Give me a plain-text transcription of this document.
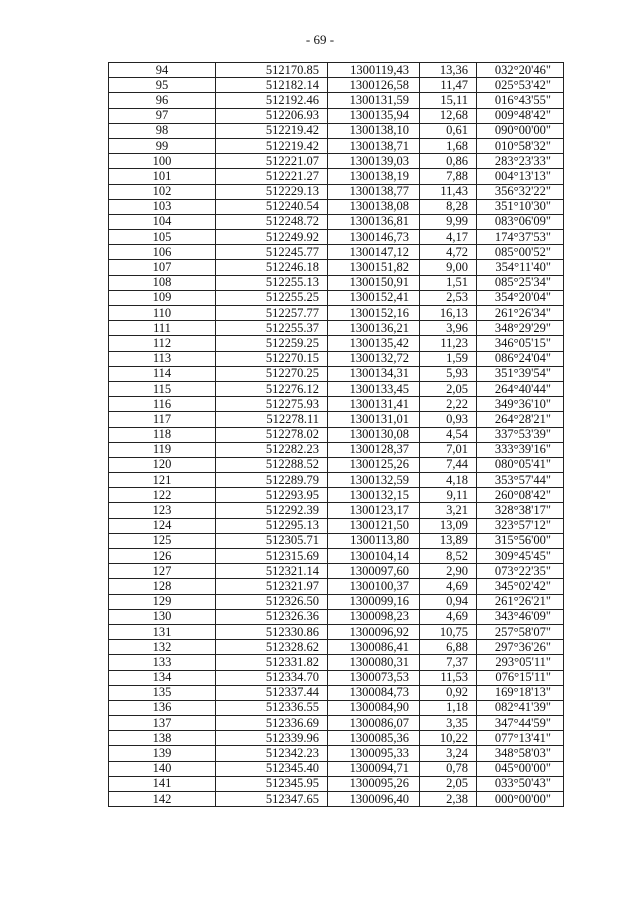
- 69 -
94	512170.85	1300119,43	13,36	032°20'46"
95	512182.14	1300126,58	11,47	025°53'42"
96	512192.46	1300131,59	15,11	016°43'55"
97	512206.93	1300135,94	12,68	009°48'42"
98	512219.42	1300138,10	0,61	090°00'00"
99	512219.42	1300138,71	1,68	010°58'32"
100	512221.07	1300139,03	0,86	283°23'33"
101	512221.27	1300138,19	7,88	004°13'13"
102	512229.13	1300138,77	11,43	356°32'22"
103	512240.54	1300138,08	8,28	351°10'30"
104	512248.72	1300136,81	9,99	083°06'09"
105	512249.92	1300146,73	4,17	174°37'53"
106	512245.77	1300147,12	4,72	085°00'52"
107	512246.18	1300151,82	9,00	354°11'40"
108	512255.13	1300150,91	1,51	085°25'34"
109	512255.25	1300152,41	2,53	354°20'04"
110	512257.77	1300152,16	16,13	261°26'34"
111	512255.37	1300136,21	3,96	348°29'29"
112	512259.25	1300135,42	11,23	346°05'15"
113	512270.15	1300132,72	1,59	086°24'04"
114	512270.25	1300134,31	5,93	351°39'54"
115	512276.12	1300133,45	2,05	264°40'44"
116	512275.93	1300131,41	2,22	349°36'10"
117	512278.11	1300131,01	0,93	264°28'21"
118	512278.02	1300130,08	4,54	337°53'39"
119	512282.23	1300128,37	7,01	333°39'16"
120	512288.52	1300125,26	7,44	080°05'41"
121	512289.79	1300132,59	4,18	353°57'44"
122	512293.95	1300132,15	9,11	260°08'42"
123	512292.39	1300123,17	3,21	328°38'17"
124	512295.13	1300121,50	13,09	323°57'12"
125	512305.71	1300113,80	13,89	315°56'00"
126	512315.69	1300104,14	8,52	309°45'45"
127	512321.14	1300097,60	2,90	073°22'35"
128	512321.97	1300100,37	4,69	345°02'42"
129	512326.50	1300099,16	0,94	261°26'21"
130	512326.36	1300098,23	4,69	343°46'09"
131	512330.86	1300096,92	10,75	257°58'07"
132	512328.62	1300086,41	6,88	297°36'26"
133	512331.82	1300080,31	7,37	293°05'11"
134	512334.70	1300073,53	11,53	076°15'11"
135	512337.44	1300084,73	0,92	169°18'13"
136	512336.55	1300084,90	1,18	082°41'39"
137	512336.69	1300086,07	3,35	347°44'59"
138	512339.96	1300085,36	10,22	077°13'41"
139	512342.23	1300095,33	3,24	348°58'03"
140	512345.40	1300094,71	0,78	045°00'00"
141	512345.95	1300095,26	2,05	033°50'43"
142	512347.65	1300096,40	2,38	000°00'00"
